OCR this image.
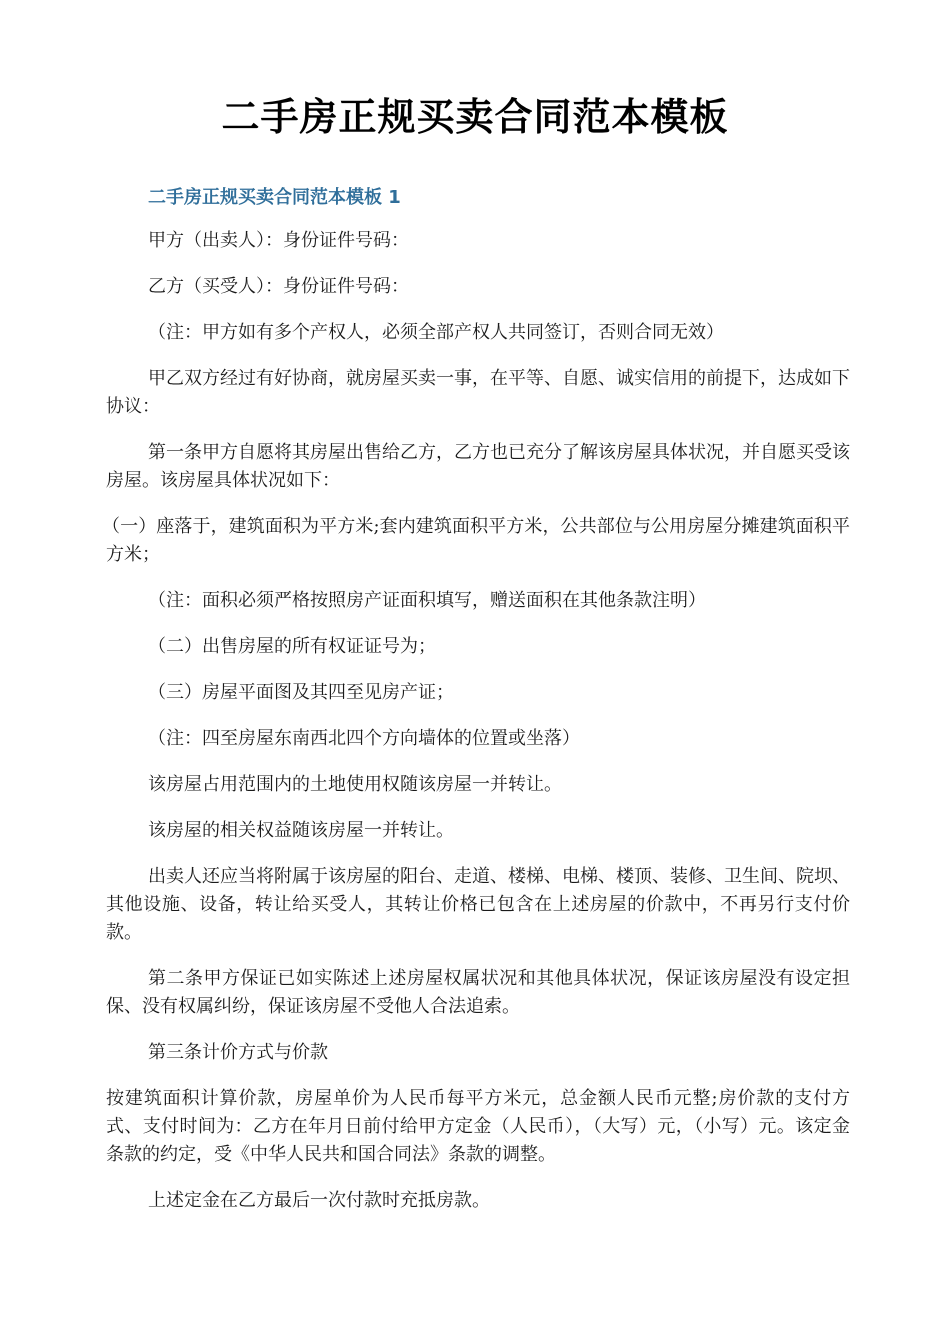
二手房正规买卖合同范本模板
二手房正规买卖合同范本模板 1

甲方（出卖人）：身份证件号码：

乙方（买受人）：身份证件号码：

（注：甲方如有多个产权人，必须全部产权人共同签订，否则合同无效）

甲乙双方经过有好协商，就房屋买卖一事，在平等、自愿、诚实信用的前提下，达成如下协议：

第一条甲方自愿将其房屋出售给乙方，乙方也已充分了解该房屋具体状况，并自愿买受该房屋。该房屋具体状况如下：

（一）座落于，建筑面积为平方米;套内建筑面积平方米，公共部位与公用房屋分摊建筑面积平方米；

（注：面积必须严格按照房产证面积填写，赠送面积在其他条款注明）

（二）出售房屋的所有权证证号为；

（三）房屋平面图及其四至见房产证；

（注：四至房屋东南西北四个方向墙体的位置或坐落）

该房屋占用范围内的土地使用权随该房屋一并转让。

该房屋的相关权益随该房屋一并转让。

出卖人还应当将附属于该房屋的阳台、走道、楼梯、电梯、楼顶、装修、卫生间、院坝、其他设施、设备，转让给买受人，其转让价格已包含在上述房屋的价款中，不再另行支付价款。

第二条甲方保证已如实陈述上述房屋权属状况和其他具体状况，保证该房屋没有设定担保、没有权属纠纷，保证该房屋不受他人合法追索。

第三条计价方式与价款

按建筑面积计算价款，房屋单价为人民币每平方米元，总金额人民币元整;房价款的支付方式、支付时间为：乙方在年月日前付给甲方定金（人民币），（大写）元，（小写）元。该定金条款的约定，受《中华人民共和国合同法》条款的调整。

上述定金在乙方最后一次付款时充抵房款。
